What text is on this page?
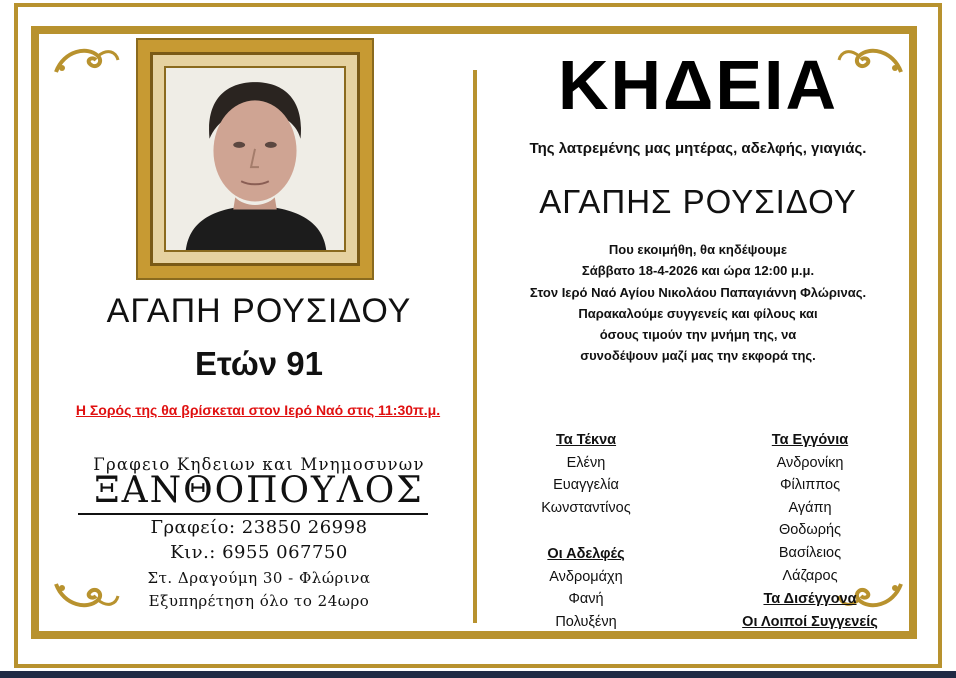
ΑΓΑΠΗ ΡΟΥΣΙΔΟΥ
Ετών 91
Η Σορός της θα βρίσκεται στον Ιερό Ναό στις 11:30π.μ.
Γραφειο Κηδειων και Μνημοσυνων
ΞΑΝΘΟΠΟΥΛΟΣ
Γραφείο: 23850 26998
Κιν.: 6955 067750
Στ. Δραγούμη 30 - Φλώρινα
Εξυπηρέτηση όλο το 24ωρο
ΚΗΔΕΙΑ
Της λατρεμένης μας μητέρας, αδελφής, γιαγιάς.
ΑΓΑΠΗΣ ΡΟΥΣΙΔΟΥ
Που εκοιμήθη, θα κηδέψουμε
Σάββατο 18-4-2026 και ώρα 12:00 μ.μ.
Στον Ιερό Ναό Αγίου Νικολάου Παπαγιάννη Φλώρινας.
Παρακαλούμε συγγενείς και φίλους και
όσους τιμούν την μνήμη της, να
συνοδέψουν μαζί μας την εκφορά της.
Τα Τέκνα
Ελένη
Ευαγγελία
Κωνσταντίνος
Οι Αδελφές
Ανδρομάχη
Φανή
Πολυξένη
Τα Εγγόνια
Ανδρονίκη
Φίλιππος
Αγάπη
Θοδωρής
Βασίλειος
Λάζαρος
Τα Δισέγγονα
Οι Λοιποί Συγγενείς
